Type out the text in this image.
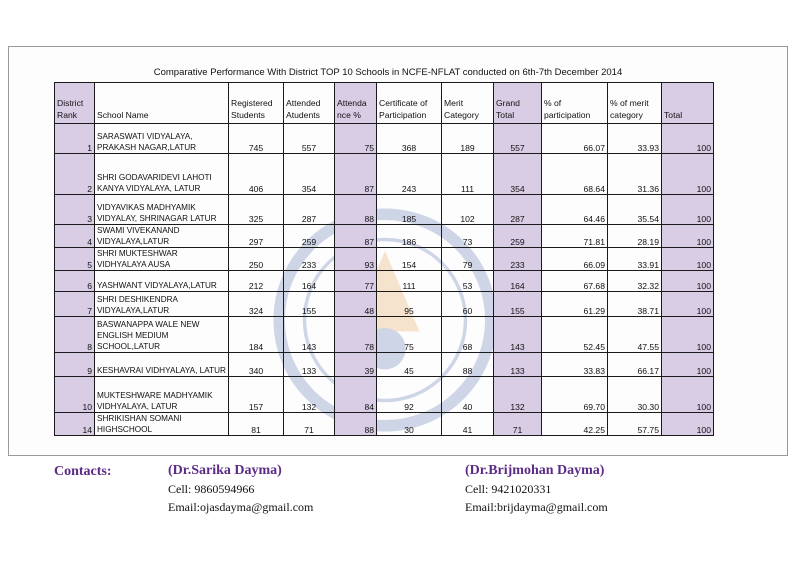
Comparative Performance With District TOP 10 Schools in NCFE-NFLAT conducted on 6th-7th December 2014
District Rank	School Name	Registered Students	Attended Atudents	Attenda nce %	Certificate of Participation	Merit Category	Grand Total	% of participation	% of merit category	Total
1	SARASWATI VIDYALAYA, PRAKASH NAGAR,LATUR	745	557	75	368	189	557	66.07	33.93	100
2	SHRI GODAVARIDEVI LAHOTI KANYA VIDYALAYA, LATUR	406	354	87	243	111	354	68.64	31.36	100
3	VIDYAVIKAS MADHYAMIK VIDYALAY, SHRINAGAR LATUR	325	287	88	185	102	287	64.46	35.54	100
4	SWAMI VIVEKANAND VIDYALAYA,LATUR	297	259	87	186	73	259	71.81	28.19	100
5	SHRI MUKTESHWAR VIDHYALAYA AUSA	250	233	93	154	79	233	66.09	33.91	100
6	YASHWANT VIDYALAYA,LATUR	212	164	77	111	53	164	67.68	32.32	100
7	SHRI DESHIKENDRA VIDYALAYA,LATUR	324	155	48	95	60	155	61.29	38.71	100
8	BASWANAPPA WALE NEW ENGLISH MEDIUM SCHOOL,LATUR	184	143	78	75	68	143	52.45	47.55	100
9	KESHAVRAI VIDHYALAYA, LATUR	340	133	39	45	88	133	33.83	66.17	100
10	MUKTESHWARE MADHYAMIK VIDHYALAYA, LATUR	157	132	84	92	40	132	69.70	30.30	100
14	SHRIKISHAN SOMANI HIGHSCHOOL	81	71	88	30	41	71	42.25	57.75	100
Contacts:	(Dr.Sarika Dayma)
Cell: 9860594966
Email:ojasdayma@gmail.com
(Dr.Brijmohan Dayma)
Cell: 9421020331
Email:brijdayma@gmail.com
